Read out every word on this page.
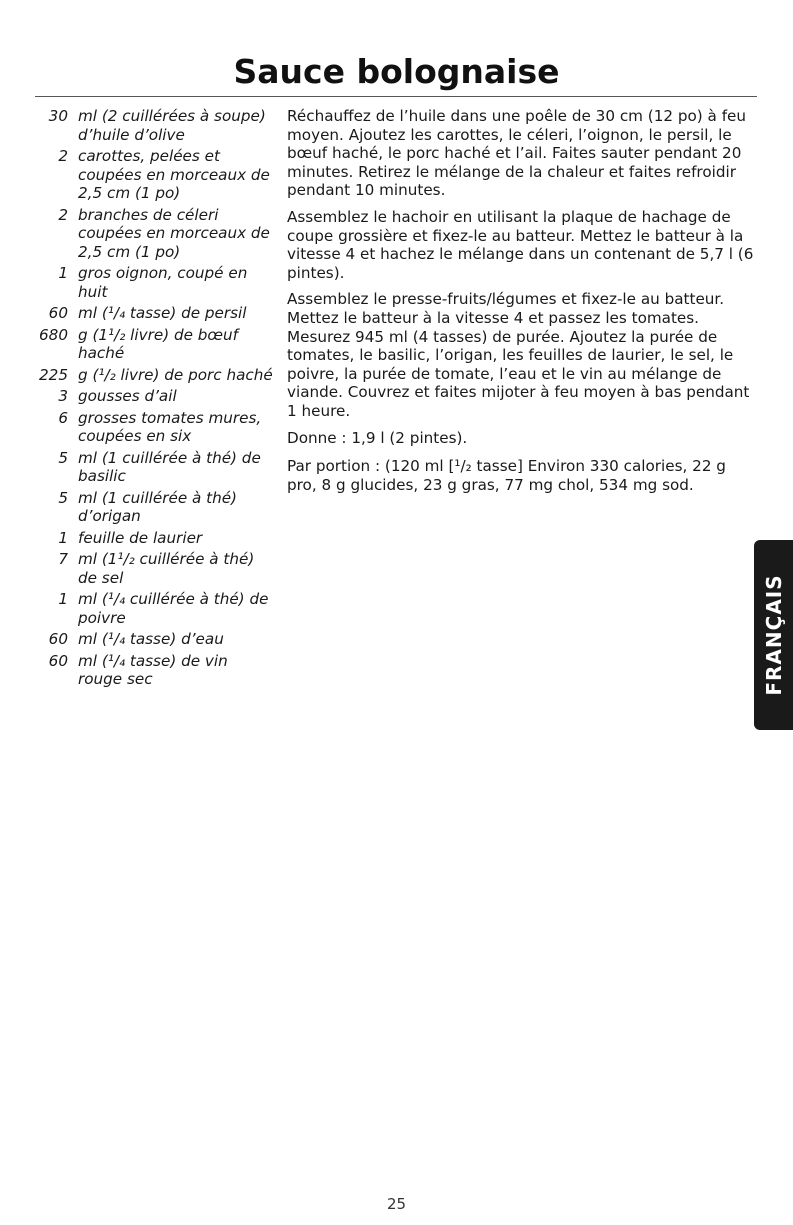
Sauce bolognaise
30 ml (2 cuillérées à soupe) d’huile d’olive
2 carottes, pelées et coupées en morceaux de 2,5 cm (1 po)
2 branches de céleri coupées en morceaux de 2,5 cm (1 po)
1 gros oignon, coupé en huit
60 ml (¹/₄ tasse) de persil
680 g (1¹/₂ livre) de bœuf haché
225 g (¹/₂ livre) de porc haché
3 gousses d’ail
6 grosses tomates mures, coupées en six
5 ml (1 cuillérée à thé) de basilic
5 ml (1 cuillérée à thé) d’origan
1 feuille de laurier
7 ml (1¹/₂ cuillérée à thé) de sel
1 ml (¹/₄ cuillérée à thé) de poivre
60 ml (¹/₄ tasse) d’eau
60 ml (¹/₄ tasse) de vin rouge sec

Réchauffez de l’huile dans une poêle de 30 cm (12 po) à feu moyen. Ajoutez les carottes, le céleri, l’oignon, le persil, le bœuf haché, le porc haché et l’ail. Faites sauter pendant 20 minutes. Retirez le mélange de la chaleur et faites refroidir pendant 10 minutes.

Assemblez le hachoir en utilisant la plaque de hachage de coupe grossière et fixez-le au batteur. Mettez le batteur à la vitesse 4 et hachez le mélange dans un contenant de 5,7 l (6 pintes).

Assemblez le presse-fruits/légumes et fixez-le au batteur. Mettez le batteur à la vitesse 4 et passez les tomates. Mesurez 945 ml (4 tasses) de purée. Ajoutez la purée de tomates, le basilic, l’origan, les feuilles de laurier, le sel, le poivre, la purée de tomate, l’eau et le vin au mélange de viande. Couvrez et faites mijoter à feu moyen à bas pendant 1 heure.

Donne : 1,9 l (2 pintes).

Par portion : (120 ml [¹/₂ tasse] Environ 330 calories, 22 g pro, 8 g glucides, 23 g gras, 77 mg chol, 534 mg sod.

FRANÇAIS
25
